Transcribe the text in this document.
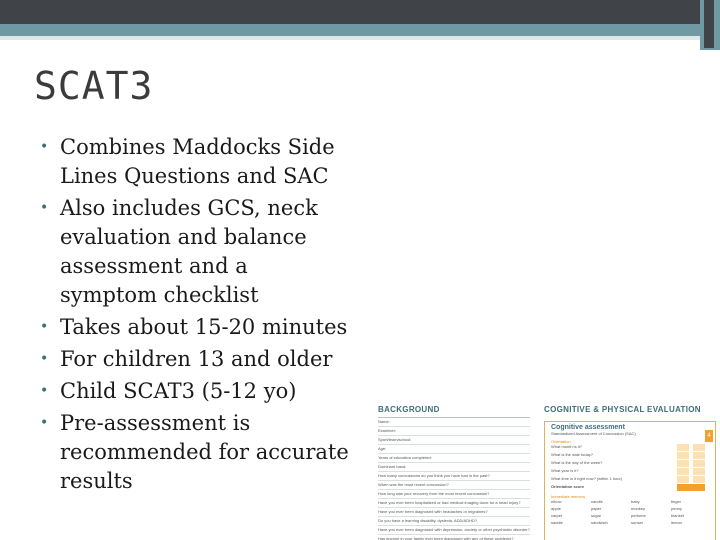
SCAT3
• Combines Maddocks Side Lines Questions and SAC
• Also includes GCS, neck evaluation and balance assessment and a symptom checklist
• Takes about 15-20 minutes
• For children 13 and older
• Child SCAT3 (5-12 yo)
• Pre-assessment is recommended for accurate results
BACKGROUND
Name:
Examiner:
Sport/team/school:
Age:
Years of education completed:
Dominant hand:
How many concussions do you think you have had in the past?
When was the most recent concussion?
How long was your recovery from the most recent concussion?
Have you ever been hospitalized or had medical imaging done for a head injury?
Have you ever been diagnosed with headaches or migraines?
Do you have a learning disability, dyslexia, ADD/ADHD?
Have you ever been diagnosed with depression, anxiety or other psychiatric disorder?
Has anyone in your family ever been diagnosed with any of these problems?
COGNITIVE & PHYSICAL EVALUATION
4
Cognitive assessment
Standardized Assessment of Concussion (SAC)
Orientation
What month is it?
What is the date today?
What is the day of the week?
What year is it?
What time is it right now? (within 1 hour)
Orientation score
Immediate memory
elbow	candle	baby	finger
apple	paper	monkey	penny
carpet	sugar	perfume	blanket
saddle	sandwich	sunset	lemon
